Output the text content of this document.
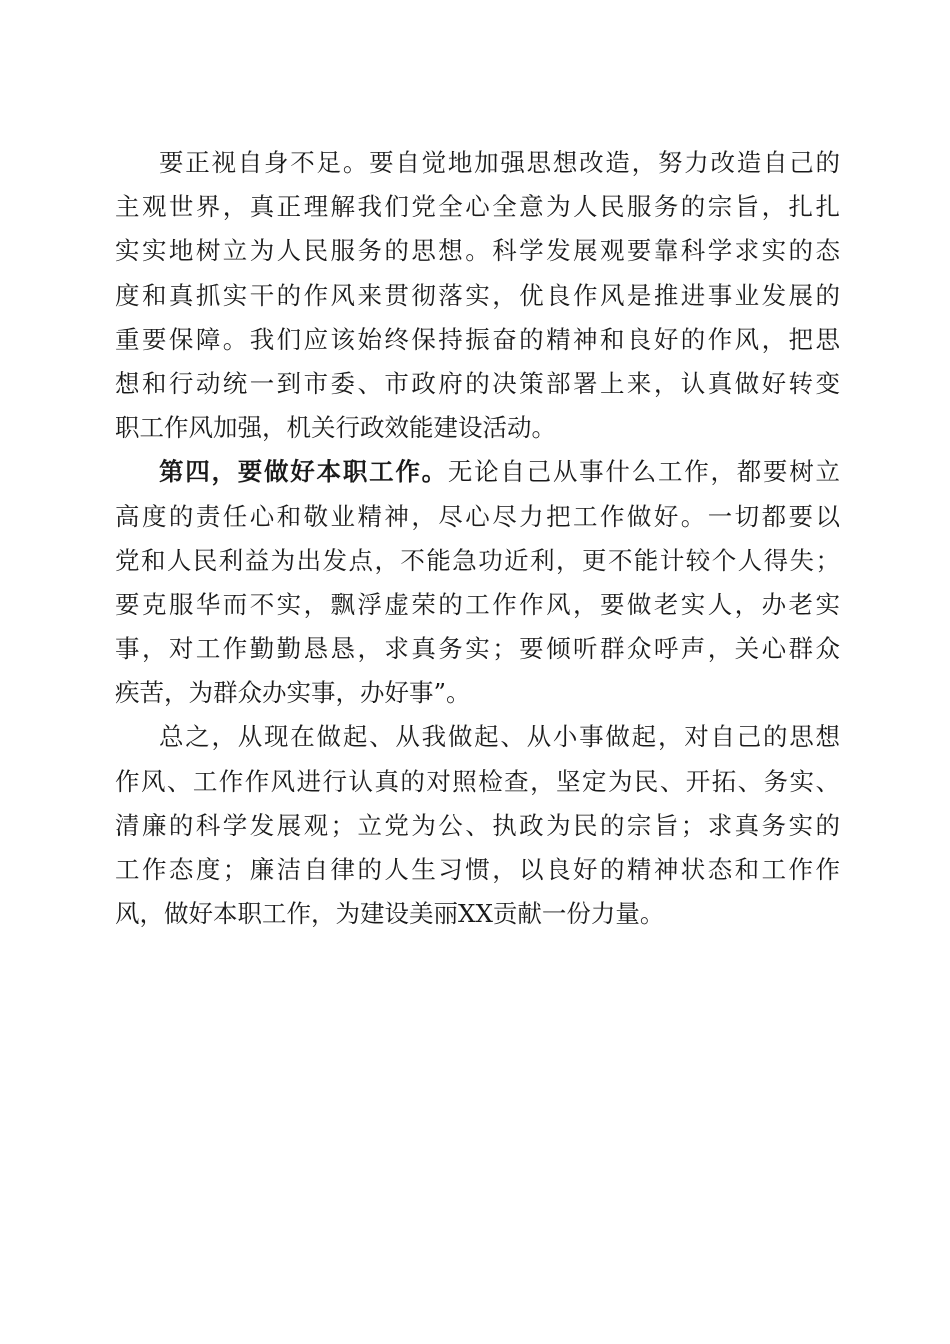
要正视自身不足。要自觉地加强思想改造，努力改造自己的
主观世界，真正理解我们党全心全意为人民服务的宗旨，扎扎
实实地树立为人民服务的思想。科学发展观要靠科学求实的态
度和真抓实干的作风来贯彻落实，优良作风是推进事业发展的
重要保障。我们应该始终保持振奋的精神和良好的作风，把思
想和行动统一到市委、市政府的决策部署上来，认真做好转变
职工作风加强，机关行政效能建设活动。
第四，要做好本职工作。无论自己从事什么工作，都要树立
高度的责任心和敬业精神，尽心尽力把工作做好。一切都要以
党和人民利益为出发点，不能急功近利，更不能计较个人得失；
要克服华而不实，飘浮虚荣的工作作风，要做老实人，办老实
事，对工作勤勤恳恳，求真务实；要倾听群众呼声，关心群众
疾苦，为群众办实事，办好事”。
总之，从现在做起、从我做起、从小事做起，对自己的思想
作风、工作作风进行认真的对照检查，坚定为民、开拓、务实、
清廉的科学发展观；立党为公、执政为民的宗旨；求真务实的
工作态度；廉洁自律的人生习惯，以良好的精神状态和工作作
风，做好本职工作，为建设美丽XX贡献一份力量。
